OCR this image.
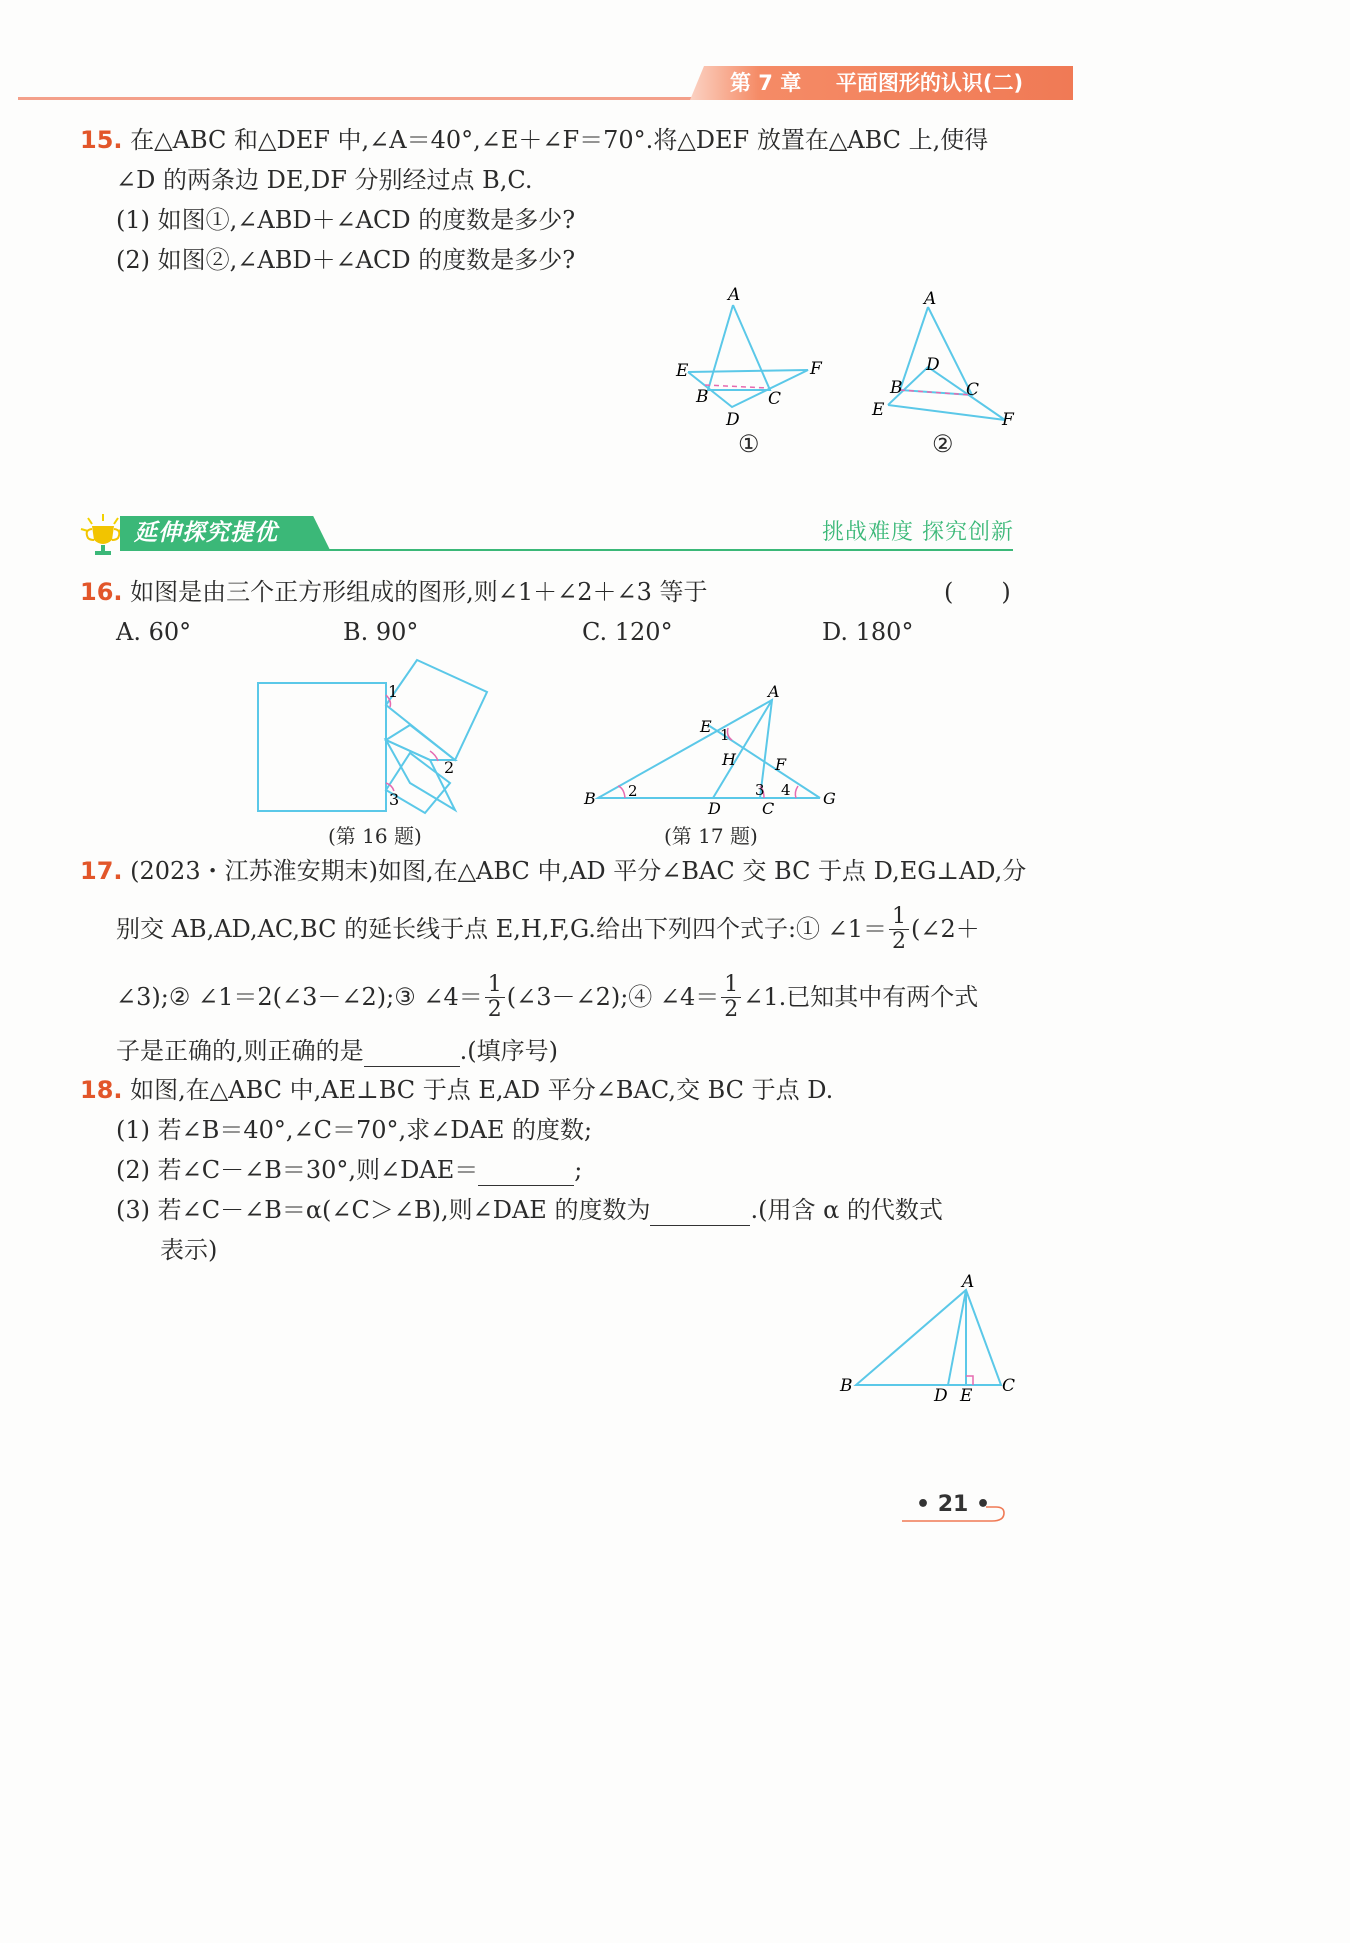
第 7 章 平面图形的认识(二)
15. 在△ABC 和△DEF 中,∠A＝40°,∠E＋∠F＝70°.将△DEF 放置在△ABC 上,使得
∠D 的两条边 DE,DF 分别经过点 B,C.
(1) 如图①,∠ABD＋∠ACD 的度数是多少?
(2) 如图②,∠ABD＋∠ACD 的度数是多少?
A
E	F
B	C
D
①
A
D
B	C
E	F
②
延伸探究提优	挑战难度 探究创新
16. 如图是由三个正方形组成的图形,则∠1＋∠2＋∠3 等于	(　　)
A. 60°	B. 90°	C. 120°	D. 180°
1
2
3
(第 16 题)
A
E 1
H F
B 2	3 4 G
D	C
(第 17 题)
17. (2023・江苏淮安期末)如图,在△ABC 中,AD 平分∠BAC 交 BC 于点 D,EG⊥AD,分
别交 AB,AD,AC,BC 的延长线于点 E,H,F,G.给出下列四个式子:① ∠1＝ $\frac{1}{2}$ (∠2＋
∠3);② ∠1＝2(∠3－∠2);③ ∠4＝ $\frac{1}{2}$ (∠3－∠2);④ ∠4＝ $\frac{1}{2}$ ∠1.已知其中有两个式
子是正确的,则正确的是	.(填序号)
18. 如图,在△ABC 中,AE⊥BC 于点 E,AD 平分∠BAC,交 BC 于点 D.
(1) 若∠B＝40°,∠C＝70°,求∠DAE 的度数;
(2) 若∠C－∠B＝30°,则∠DAE＝	;
(3) 若∠C－∠B＝α(∠C＞∠B),则∠DAE 的度数为	.(用含 α 的代数式
表示)
A
B	D E C
• 21 •
